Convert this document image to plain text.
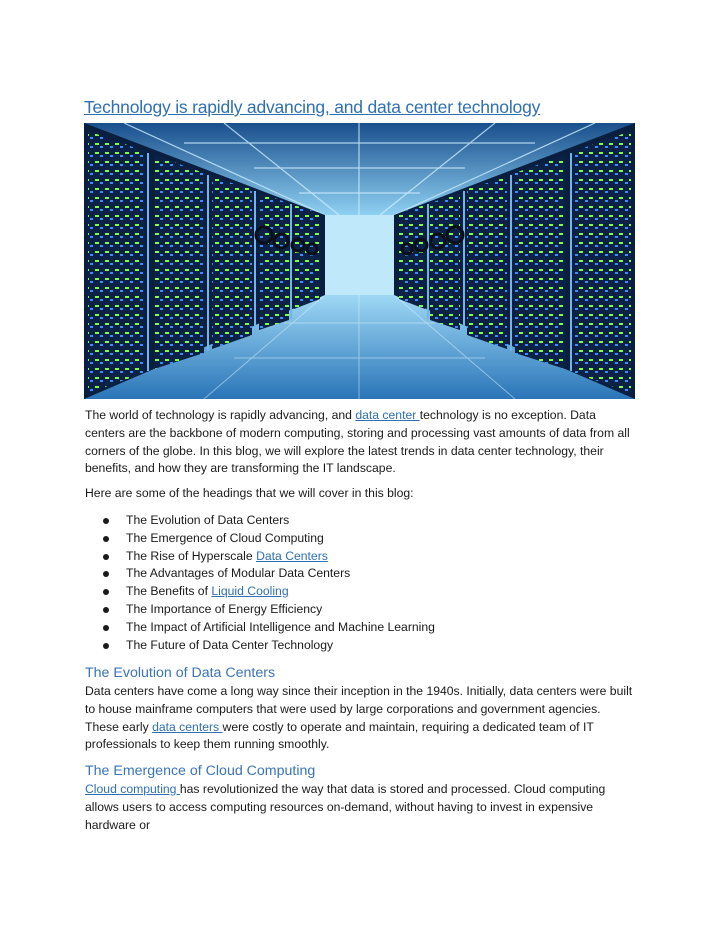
Technology is rapidly advancing, and data center technology

The world of technology is rapidly advancing, and data center technology is no exception. Data centers are the backbone of modern computing, storing and processing vast amounts of data from all corners of the globe. In this blog, we will explore the latest trends in data center technology, their benefits, and how they are transforming the IT landscape.

Here are some of the headings that we will cover in this blog:

The Evolution of Data Centers
The Emergence of Cloud Computing
The Rise of Hyperscale Data Centers
The Advantages of Modular Data Centers
The Benefits of Liquid Cooling
The Importance of Energy Efficiency
The Impact of Artificial Intelligence and Machine Learning
The Future of Data Center Technology
The Evolution of Data Centers

Data centers have come a long way since their inception in the 1940s. Initially, data centers were built to house mainframe computers that were used by large corporations and government agencies. These early data centers were costly to operate and maintain, requiring a dedicated team of IT professionals to keep them running smoothly.

The Emergence of Cloud Computing

Cloud computing has revolutionized the way that data is stored and processed. Cloud computing allows users to access computing resources on-demand, without having to invest in expensive hardware or
